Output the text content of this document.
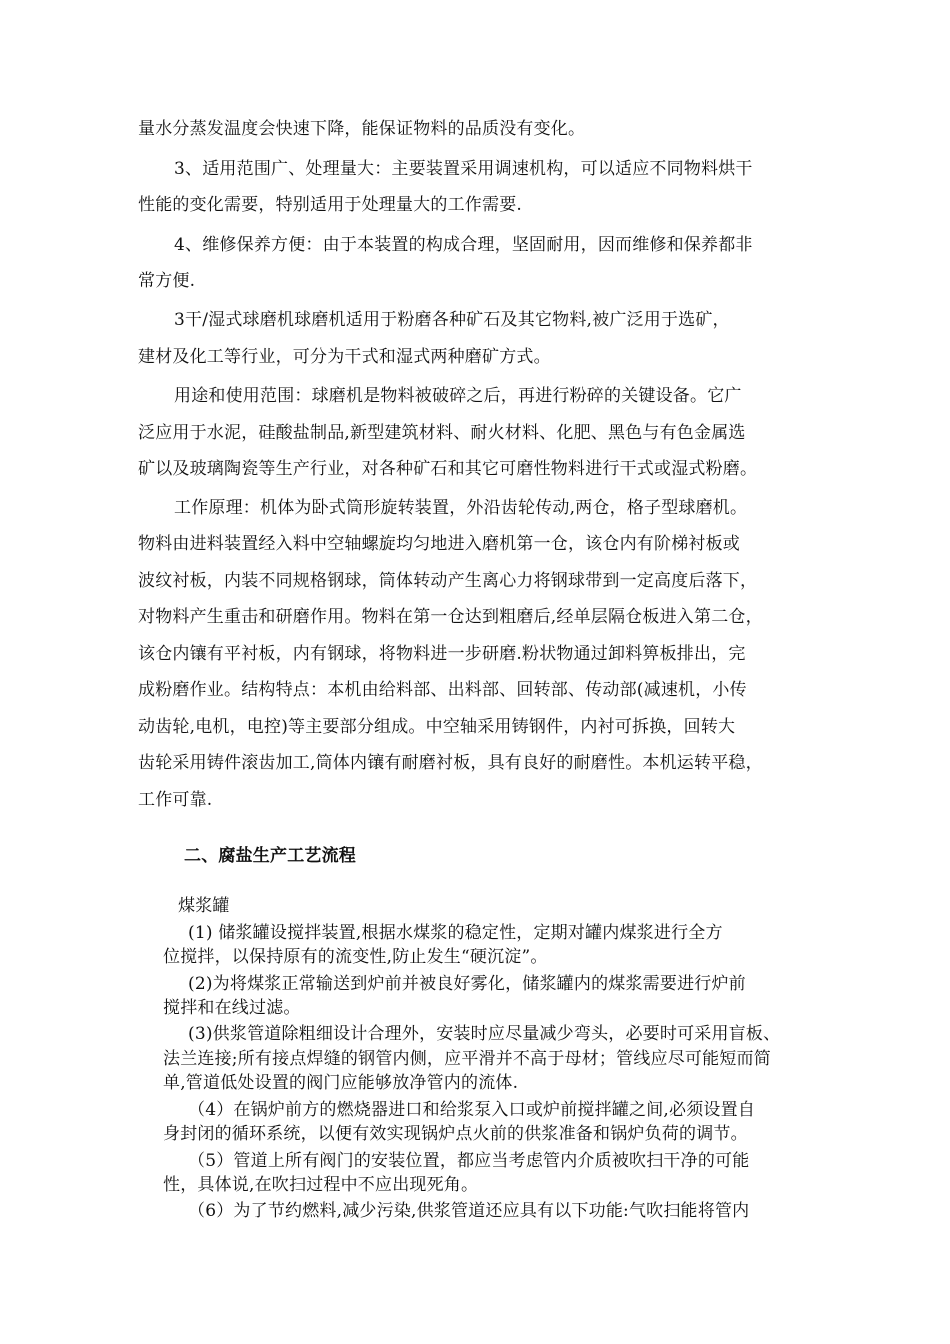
量水分蒸发温度会快速下降，能保证物料的品质没有变化。
3、适用范围广、处理量大：主要装置采用调速机构，可以适应不同物料烘干
性能的变化需要，特别适用于处理量大的工作需要.
4、维修保养方便：由于本装置的构成合理，坚固耐用，因而维修和保养都非
常方便.
3干/湿式球磨机球磨机适用于粉磨各种矿石及其它物料,被广泛用于选矿，
建材及化工等行业，可分为干式和湿式两种磨矿方式。
用途和使用范围：球磨机是物料被破碎之后，再进行粉碎的关键设备。它广
泛应用于水泥，硅酸盐制品,新型建筑材料、耐火材料、化肥、黑色与有色金属选
矿以及玻璃陶瓷等生产行业，对各种矿石和其它可磨性物料进行干式或湿式粉磨。
工作原理：机体为卧式筒形旋转装置，外沿齿轮传动,两仓，格子型球磨机。
物料由进料装置经入料中空轴螺旋均匀地进入磨机第一仓，该仓内有阶梯衬板或
波纹衬板，内装不同规格钢球，筒体转动产生离心力将钢球带到一定高度后落下，
对物料产生重击和研磨作用。物料在第一仓达到粗磨后,经单层隔仓板进入第二仓，
该仓内镶有平衬板，内有钢球，将物料进一步研磨.粉状物通过卸料箅板排出，完
成粉磨作业。结构特点：本机由给料部、出料部、回转部、传动部(减速机，小传
动齿轮,电机，电控)等主要部分组成。中空轴采用铸钢件，内衬可拆换，回转大
齿轮采用铸件滚齿加工,筒体内镶有耐磨衬板，具有良好的耐磨性。本机运转平稳，
工作可靠.
二、腐盐生产工艺流程
煤浆罐
(1) 储浆罐设搅拌装置,根据水煤浆的稳定性，定期对罐内煤浆进行全方
位搅拌，以保持原有的流变性,防止发生“硬沉淀”。
(2)为将煤浆正常输送到炉前并被良好雾化，储浆罐内的煤浆需要进行炉前
搅拌和在线过滤。
(3)供浆管道除粗细设计合理外，安装时应尽量减少弯头，必要时可采用盲板、
法兰连接;所有接点焊缝的钢管内侧，应平滑并不高于母材；管线应尽可能短而简
单,管道低处设置的阀门应能够放净管内的流体.
（4）在锅炉前方的燃烧器进口和给浆泵入口或炉前搅拌罐之间,必须设置自
身封闭的循环系统，以便有效实现锅炉点火前的供浆准备和锅炉负荷的调节。
（5）管道上所有阀门的安装位置，都应当考虑管内介质被吹扫干净的可能
性，具体说,在吹扫过程中不应出现死角。
（6）为了节约燃料,减少污染,供浆管道还应具有以下功能:气吹扫能将管内
